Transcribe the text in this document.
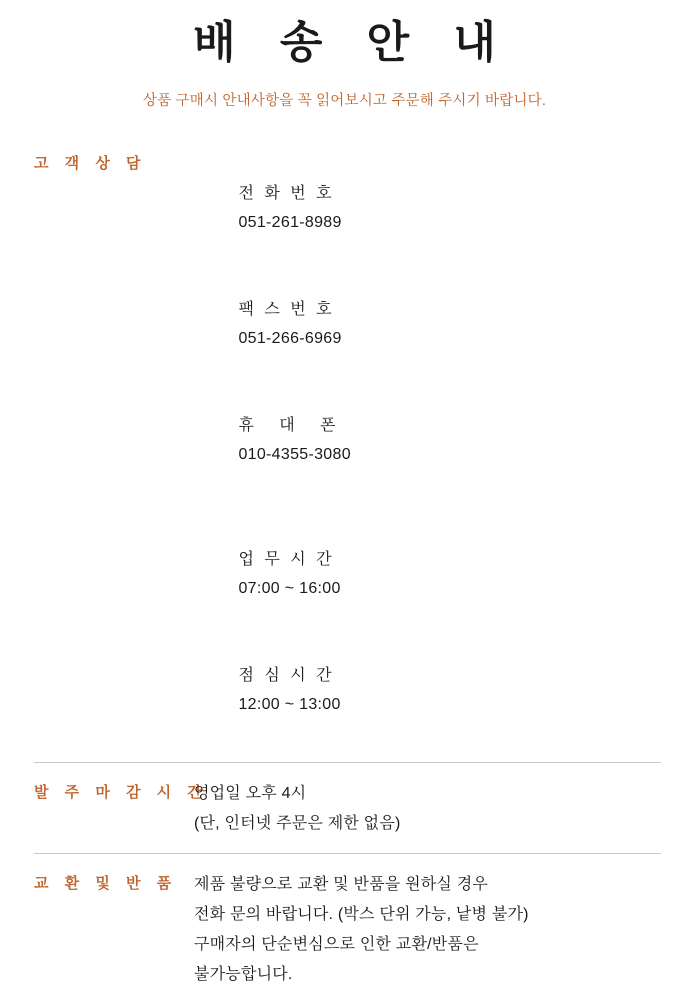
배 송 안 내
상품 구매시 안내사항을 꼭 읽어보시고 주문해 주시기 바랍니다.
고 객 상 담

전 화 번 호
051-261-8989

팩 스 번 호
051-266-6969

휴   대   폰
010-4355-3080

업 무 시 간
07:00 ~ 16:00

점 심 시 간
12:00 ~ 13:00

발 주 마 감 시 간
영업일 오후 4시
(단, 인터넷 주문은 제한 없음)
교 환 및 반 품	제품 불량으로 교환 및 반품을 원하실 경우
전화 문의 바랍니다. (박스 단위 가능, 낱병 불가)
구매자의 단순변심으로 인한 교환/반품은
불가능합니다.
